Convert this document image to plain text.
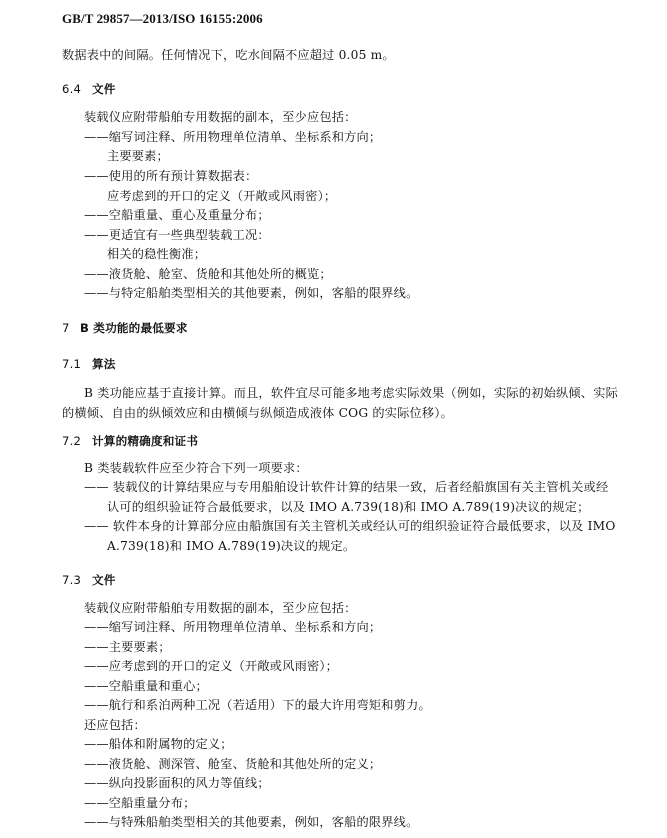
GB/T 29857—2013/ISO 16155:2006
数据表中的间隔。任何情况下，吃水间隔不应超过 0.05 m。
6.4 文件
装载仪应附带船舶专用数据的副本，至少应包括：
——缩写词注释、所用物理单位清单、坐标系和方向；
主要要素；
——使用的所有预计算数据表：
应考虑到的开口的定义（开敞或风雨密）；
——空船重量、重心及重量分布；
——更适宜有一些典型装载工况：
相关的稳性衡准；
——液货舱、舱室、货舱和其他处所的概览；
——与特定船舶类型相关的其他要素，例如，客船的限界线。
7 B 类功能的最低要求
7.1 算法
B 类功能应基于直接计算。而且，软件宜尽可能多地考虑实际效果（例如，实际的初始纵倾、实际的横倾、自由的纵倾效应和由横倾与纵倾造成液体 COG 的实际位移）。
7.2 计算的精确度和证书
B 类装载软件应至少符合下列一项要求：
—— 装载仪的计算结果应与专用船舶设计软件计算的结果一致，后者经船旗国有关主管机关或经
认可的组织验证符合最低要求，以及 IMO A.739(18)和 IMO A.789(19)决议的规定；
—— 软件本身的计算部分应由船旗国有关主管机关或经认可的组织验证符合最低要求，以及 IMO
A.739(18)和 IMO A.789(19)决议的规定。
7.3 文件
装载仪应附带船舶专用数据的副本，至少应包括：
——缩写词注释、所用物理单位清单、坐标系和方向；
——主要要素；
——应考虑到的开口的定义（开敞或风雨密）；
——空船重量和重心；
——航行和系泊两种工况（若适用）下的最大许用弯矩和剪力。
还应包括：
——船体和附属物的定义；
——液货舱、测深管、舱室、货舱和其他处所的定义；
——纵向投影面积的风力等值线；
——空船重量分布；
——与特殊船舶类型相关的其他要素，例如，客船的限界线。
